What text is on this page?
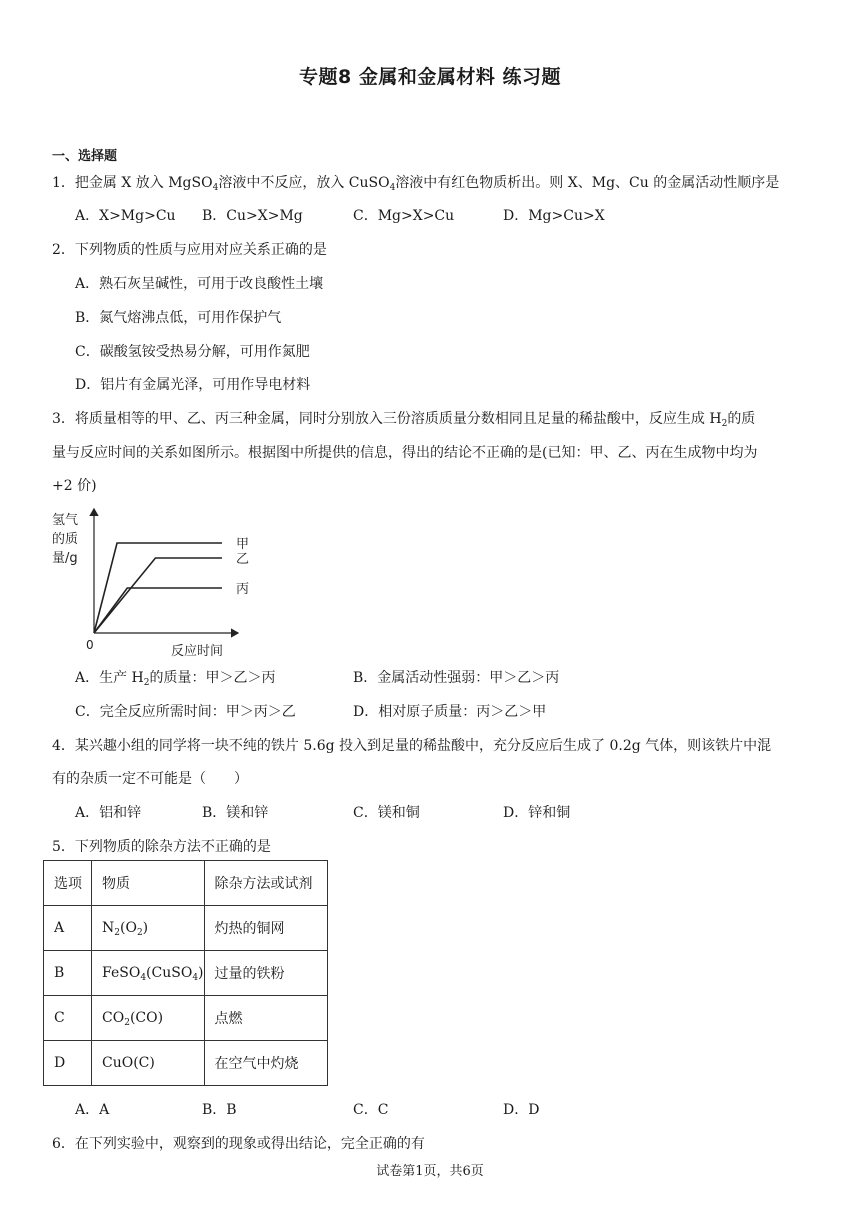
专题8 金属和金属材料 练习题
一、选择题
1．把金属 X 放入 MgSO$_4$溶液中不反应，放入 CuSO$_4$溶液中有红色物质析出。则 X、Mg、Cu 的金属活动性顺序是
A．X>Mg>Cu B．Cu>X>Mg	C．Mg>X>Cu	D．Mg>Cu>X
2．下列物质的性质与应用对应关系正确的是
A．熟石灰呈碱性，可用于改良酸性土壤
B．氮气熔沸点低，可用作保护气
C．碳酸氢铵受热易分解，可用作氮肥
D．铝片有金属光泽，可用作导电材料
3．将质量相等的甲、乙、丙三种金属，同时分别放入三份溶质质量分数相同且足量的稀盐酸中，反应生成 $H_2$的质
量与反应时间的关系如图所示。根据图中所提供的信息，得出的结论不正确的是(已知：甲、乙、丙在生成物中均为
+2 价)
氢气
的质
量/g
反应时间
0
甲
乙
丙
A．生产 $H_2$的质量：甲＞乙＞丙	B．金属活动性强弱：甲＞乙＞丙
C．完全反应所需时间：甲＞丙＞乙	D．相对原子质量：丙＞乙＞甲
4．某兴趣小组的同学将一块不纯的铁片 5.6g 投入到足量的稀盐酸中，充分反应后生成了 0.2g 气体，则该铁片中混
有的杂质一定不可能是（　　）
A．铝和锌	B．镁和锌	C．镁和铜	D．锌和铜
5．下列物质的除杂方法不正确的是
选项	物质	除杂方法或试剂
A	$N_2(O_2)$	灼热的铜网
B	FeSO$_4$(CuSO$_4$)	过量的铁粉
C	$CO_2(CO)$	点燃
D	CuO(C)	在空气中灼烧
A．A	B．B	C．C	D．D
6．在下列实验中，观察到的现象或得出结论，完全正确的有
试卷第1页，共6页
